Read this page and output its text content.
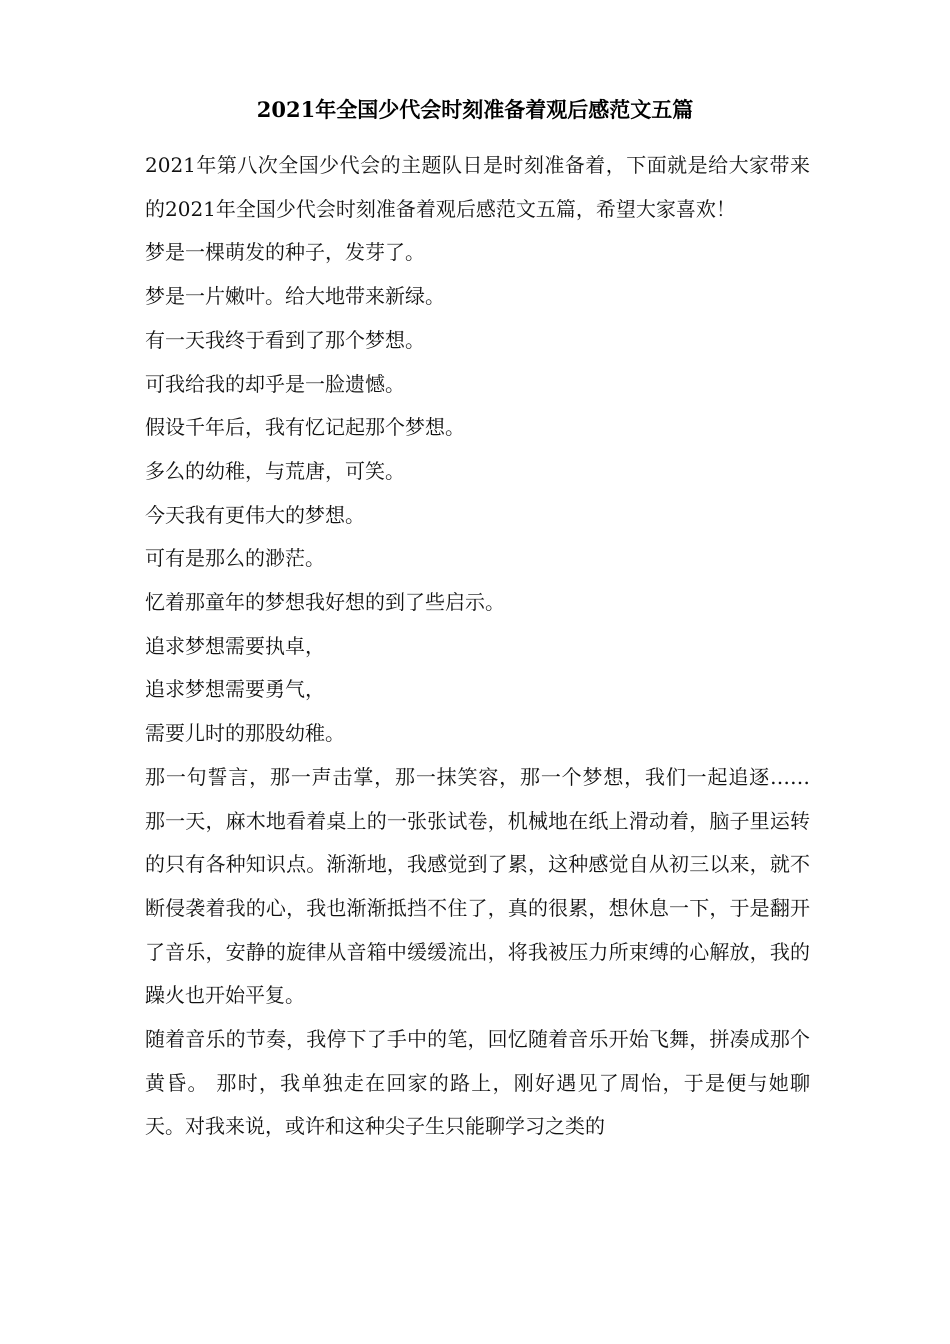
2021年全国少代会时刻准备着观后感范文五篇

2021年第八次全国少代会的主题队日是时刻准备着，下面就是给大家带来的2021年全国少代会时刻准备着观后感范文五篇，希望大家喜欢！

梦是一棵萌发的种子，发芽了。

梦是一片嫩叶。给大地带来新绿。

有一天我终于看到了那个梦想。

可我给我的却乎是一脸遗憾。

假设千年后，我有忆记起那个梦想。

多么的幼稚，与荒唐，可笑。

今天我有更伟大的梦想。

可有是那么的渺茫。

忆着那童年的梦想我好想的到了些启示。

追求梦想需要执卓，

追求梦想需要勇气，

需要儿时的那股幼稚。

那一句誓言，那一声击掌，那一抹笑容，那一个梦想，我们一起追逐…… 那一天，麻木地看着桌上的一张张试卷，机械地在纸上滑动着，脑子里运转的只有各种知识点。渐渐地，我感觉到了累，这种感觉自从初三以来，就不断侵袭着我的心，我也渐渐抵挡不住了，真的很累，想休息一下，于是翻开了音乐，安静的旋律从音箱中缓缓流出，将我被压力所束缚的心解放，我的躁火也开始平复。

随着音乐的节奏，我停下了手中的笔，回忆随着音乐开始飞舞，拼凑成那个黄昏。 那时，我单独走在回家的路上，刚好遇见了周怡，于是便与她聊天。对我来说，或许和这种尖子生只能聊学习之类的
